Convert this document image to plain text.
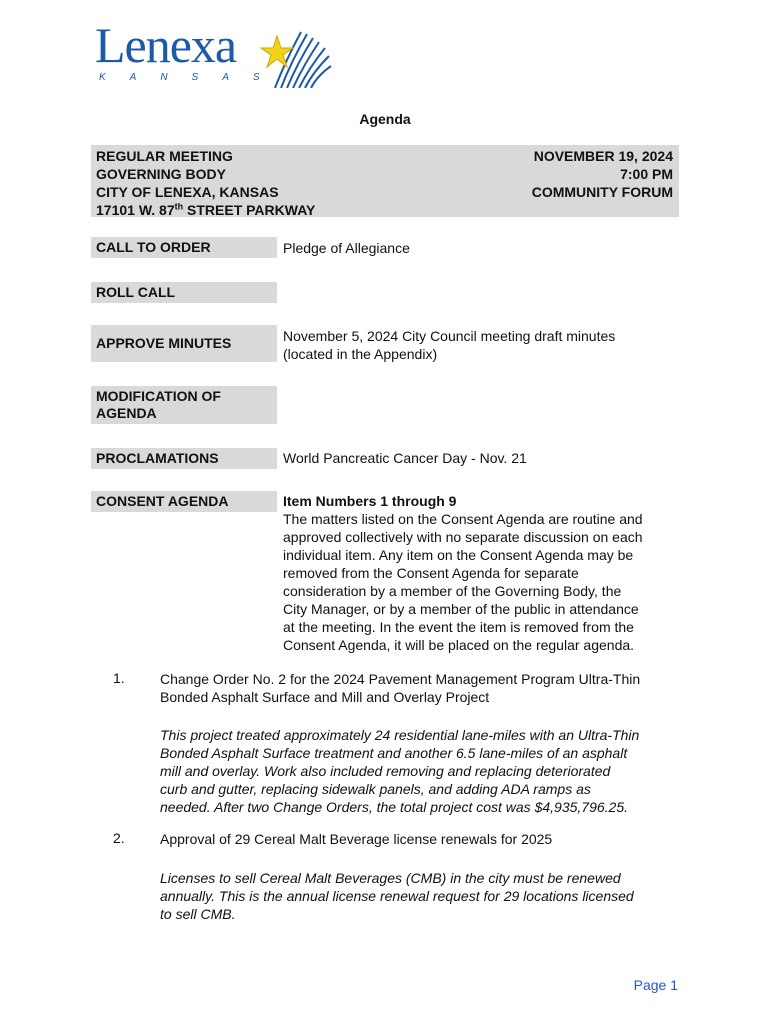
Lenexa
KANSAS
Agenda
REGULAR MEETING
GOVERNING BODY
CITY OF LENEXA, KANSAS
17101 W. 87th STREET PARKWAY
NOVEMBER 19, 2024
7:00 PM
COMMUNITY FORUM
CALL TO ORDER	Pledge of Allegiance
ROLL CALL
APPROVE MINUTES	November 5, 2024 City Council meeting draft minutes
(located in the Appendix)
MODIFICATION OF
AGENDA
PROCLAMATIONS	World Pancreatic Cancer Day - Nov. 21
CONSENT AGENDA	Item Numbers 1 through 9
The matters listed on the Consent Agenda are routine and
approved collectively with no separate discussion on each
individual item. Any item on the Consent Agenda may be
removed from the Consent Agenda for separate
consideration by a member of the Governing Body, the
City Manager, or by a member of the public in attendance
at the meeting. In the event the item is removed from the
Consent Agenda, it will be placed on the regular agenda.
1.	Change Order No. 2 for the 2024 Pavement Management Program Ultra-Thin
Bonded Asphalt Surface and Mill and Overlay Project
This project treated approximately 24 residential lane-miles with an Ultra-Thin
Bonded Asphalt Surface treatment and another 6.5 lane-miles of an asphalt
mill and overlay. Work also included removing and replacing deteriorated
curb and gutter, replacing sidewalk panels, and adding ADA ramps as
needed. After two Change Orders, the total project cost was $4,935,796.25.
2.	Approval of 29 Cereal Malt Beverage license renewals for 2025
Licenses to sell Cereal Malt Beverages (CMB) in the city must be renewed
annually. This is the annual license renewal request for 29 locations licensed
to sell CMB.
Page 1
